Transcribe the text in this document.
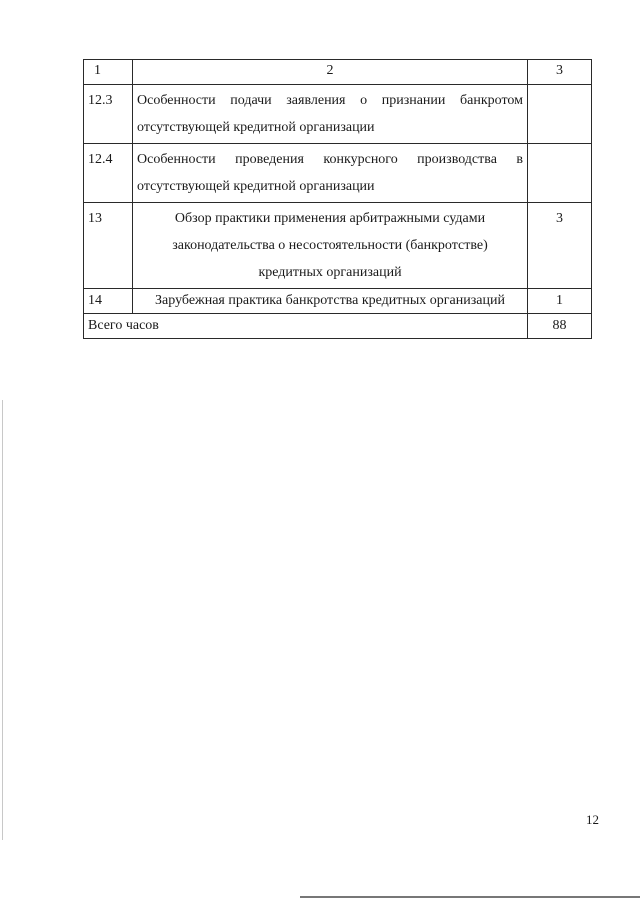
1	2	3
12.3	Особенности подачи заявления о признании банкротом
отсутствующей кредитной организации	

12.4	Особенности проведения конкурсного производства в
отсутствующей кредитной организации	

13	Обзор практики применения арбитражными судами
законодательства о несостоятельности (банкротстве)
кредитных организаций	3
14	Зарубежная практика банкротства кредитных организаций	1
Всего часов		88
12
